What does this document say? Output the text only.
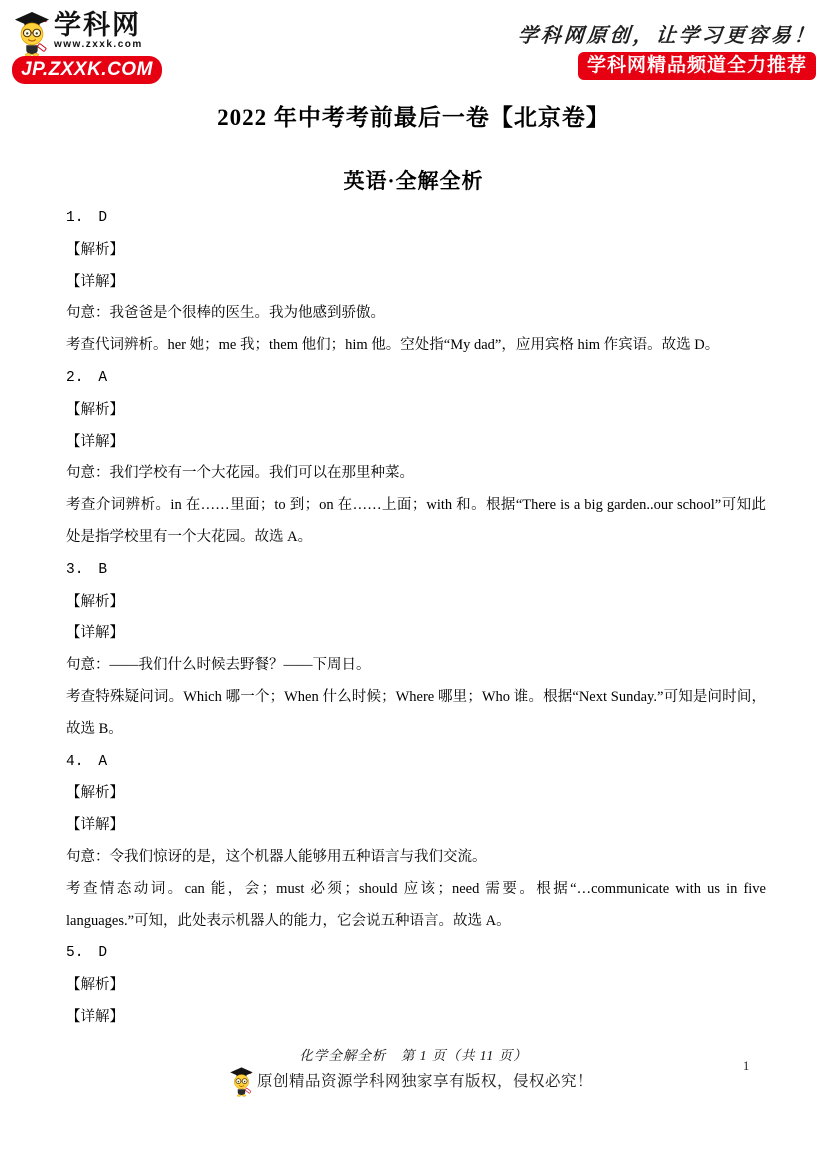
学科网
www.zxxk.com
JP.ZXXK.COM
学科网原创，让学习更容易！
学科网精品频道全力推荐
2022 年中考考前最后一卷【北京卷】
英语·全解全析

1. D

【解析】

【详解】

句意：我爸爸是个很棒的医生。我为他感到骄傲。

考查代词辨析。her 她；me 我；them 他们；him 他。空处指“My dad”，应用宾格 him 作宾语。故选 D。

2. A

【解析】

【详解】

句意：我们学校有一个大花园。我们可以在那里种菜。

考查介词辨析。in 在……里面；to 到；on 在……上面；with 和。根据“There is a big garden..our school”可知此处是指学校里有一个大花园。故选 A。

3. B

【解析】

【详解】

句意：——我们什么时候去野餐？——下周日。

考查特殊疑问词。Which 哪一个；When 什么时候；Where 哪里；Who 谁。根据“Next Sunday.”可知是问时间，故选 B。

4. A

【解析】

【详解】

句意：令我们惊讶的是，这个机器人能够用五种语言与我们交流。

考查情态动词。can 能，会；must 必须；should 应该；need 需要。根据“…communicate with us in five languages.”可知，此处表示机器人的能力，它会说五种语言。故选 A。

5. D

【解析】

【详解】

化学全解全析　第 1 页（共 11 页）

原创精品资源学科网独家享有版权，侵权必究！
1
